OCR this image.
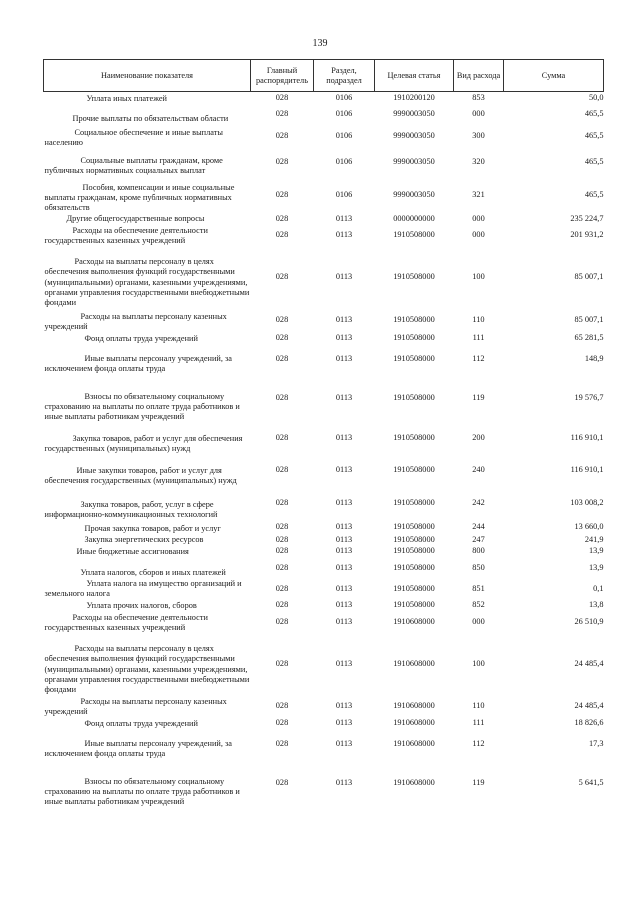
139
Наименование показателя	Главный распорядитель	Раздел, подраздел	Целевая статья	Вид расхода	Сумма
Уплата иных платежей	028	0106	1910200120	853	50,0
Прочие выплаты по обязательствам области	028	0106	9990003050	000	465,5
Социальное обеспечение и иные выплаты населению	028	0106	9990003050	300	465,5
Социальные выплаты гражданам, кроме публичных нормативных социальных выплат	028	0106	9990003050	320	465,5
Пособия, компенсации и иные социальные выплаты гражданам, кроме публичных нормативных обязательств	028	0106	9990003050	321	465,5
Другие общегосударственные вопросы	028	0113	0000000000	000	235 224,7
Расходы на обеспечение деятельности государственных казенных учреждений	028	0113	1910508000	000	201 931,2
Расходы на выплаты персоналу в целях обеспечения выполнения функций государственными (муниципальными) органами, казенными учреждениями, органами управления государственными внебюджетными фондами	028	0113	1910508000	100	85 007,1
Расходы на выплаты персоналу казенных учреждений	028	0113	1910508000	110	85 007,1
Фонд оплаты труда учреждений	028	0113	1910508000	111	65 281,5
Иные выплаты персоналу учреждений, за исключением фонда оплаты труда	028	0113	1910508000	112	148,9
Взносы по обязательному социальному страхованию на выплаты по оплате труда работников и иные выплаты работникам учреждений	028	0113	1910508000	119	19 576,7
Закупка товаров, работ и услуг для обеспечения государственных (муниципальных) нужд	028	0113	1910508000	200	116 910,1
Иные закупки товаров, работ и услуг для обеспечения государственных (муниципальных) нужд	028	0113	1910508000	240	116 910,1
Закупка товаров, работ, услуг в сфере информационно-коммуникационных технологий	028	0113	1910508000	242	103 008,2
Прочая закупка товаров, работ и услуг	028	0113	1910508000	244	13 660,0
Закупка энергетических ресурсов	028	0113	1910508000	247	241,9
Иные бюджетные ассигнования	028	0113	1910508000	800	13,9
Уплата налогов, сборов и иных платежей	028	0113	1910508000	850	13,9
Уплата налога на имущество организаций и земельного налога	028	0113	1910508000	851	0,1
Уплата прочих налогов, сборов	028	0113	1910508000	852	13,8
Расходы на обеспечение деятельности государственных казенных учреждений	028	0113	1910608000	000	26 510,9
Расходы на выплаты персоналу в целях обеспечения выполнения функций государственными (муниципальными) органами, казенными учреждениями, органами управления государственными внебюджетными фондами	028	0113	1910608000	100	24 485,4
Расходы на выплаты персоналу казенных учреждений	028	0113	1910608000	110	24 485,4
Фонд оплаты труда учреждений	028	0113	1910608000	111	18 826,6
Иные выплаты персоналу учреждений, за исключением фонда оплаты труда	028	0113	1910608000	112	17,3
Взносы по обязательному социальному страхованию на выплаты по оплате труда работников и иные выплаты работникам учреждений	028	0113	1910608000	119	5 641,5
